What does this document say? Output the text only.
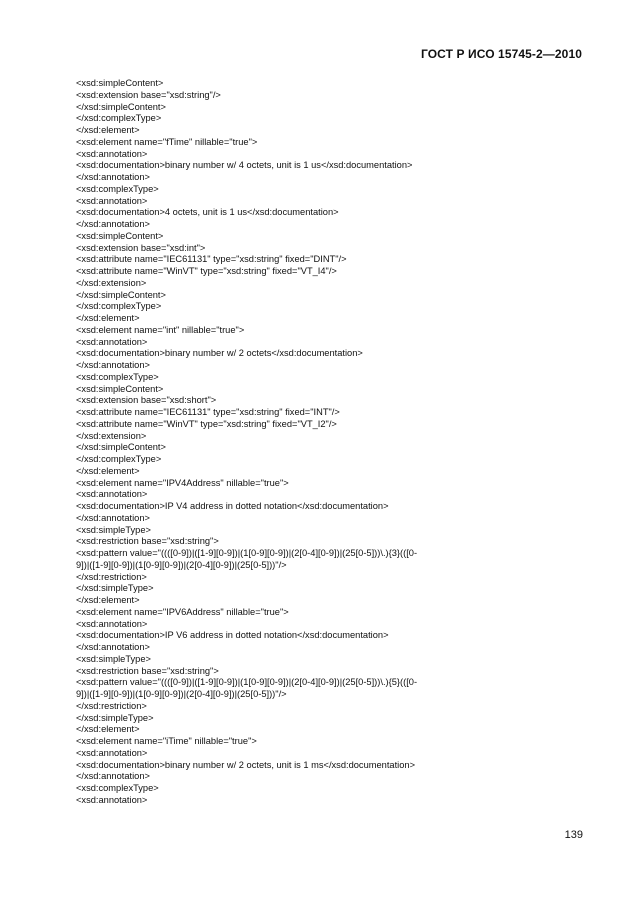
ГОСТ Р ИСО 15745-2—2010
<xsd:simpleContent>
<xsd:extension base="xsd:string"/>
</xsd:simpleContent>
</xsd:complexType>
</xsd:element>
<xsd:element name="fTime" nillable="true">
<xsd:annotation>
<xsd:documentation>binary number w/ 4 octets, unit is 1 us</xsd:documentation>
</xsd:annotation>
<xsd:complexType>
<xsd:annotation>
<xsd:documentation>4 octets, unit is 1 us</xsd:documentation>
</xsd:annotation>
<xsd:simpleContent>
<xsd:extension base="xsd:int">
<xsd:attribute name="IEC61131" type="xsd:string" fixed="DINT"/>
<xsd:attribute name="WinVT" type="xsd:string" fixed="VT_I4"/>
</xsd:extension>
</xsd:simpleContent>
</xsd:complexType>
</xsd:element>
<xsd:element name="int" nillable="true">
<xsd:annotation>
<xsd:documentation>binary number w/ 2 octets</xsd:documentation>
</xsd:annotation>
<xsd:complexType>
<xsd:simpleContent>
<xsd:extension base="xsd:short">
<xsd:attribute name="IEC61131" type="xsd:string" fixed="INT"/>
<xsd:attribute name="WinVT" type="xsd:string" fixed="VT_I2"/>
</xsd:extension>
</xsd:simpleContent>
</xsd:complexType>
</xsd:element>
<xsd:element name="IPV4Address" nillable="true">
<xsd:annotation>
<xsd:documentation>IP V4 address in dotted notation</xsd:documentation>
</xsd:annotation>
<xsd:simpleType>
<xsd:restriction base="xsd:string">
<xsd:pattern value="((([0-9])|([1-9][0-9])|(1[0-9][0-9])|(2[0-4][0-9])|(25[0-5]))\.){3}(([0-
9])|([1-9][0-9])|(1[0-9][0-9])|(2[0-4][0-9])|(25[0-5]))"/>
</xsd:restriction>
</xsd:simpleType>
</xsd:element>
<xsd:element name="IPV6Address" nillable="true">
<xsd:annotation>
<xsd:documentation>IP V6 address in dotted notation</xsd:documentation>
</xsd:annotation>
<xsd:simpleType>
<xsd:restriction base="xsd:string">
<xsd:pattern value="((([0-9])|([1-9][0-9])|(1[0-9][0-9])|(2[0-4][0-9])|(25[0-5]))\.){5}(([0-
9])|([1-9][0-9])|(1[0-9][0-9])|(2[0-4][0-9])|(25[0-5]))"/>
</xsd:restriction>
</xsd:simpleType>
</xsd:element>
<xsd:element name="iTime" nillable="true">
<xsd:annotation>
<xsd:documentation>binary number w/ 2 octets, unit is 1 ms</xsd:documentation>
</xsd:annotation>
<xsd:complexType>
<xsd:annotation>
139
